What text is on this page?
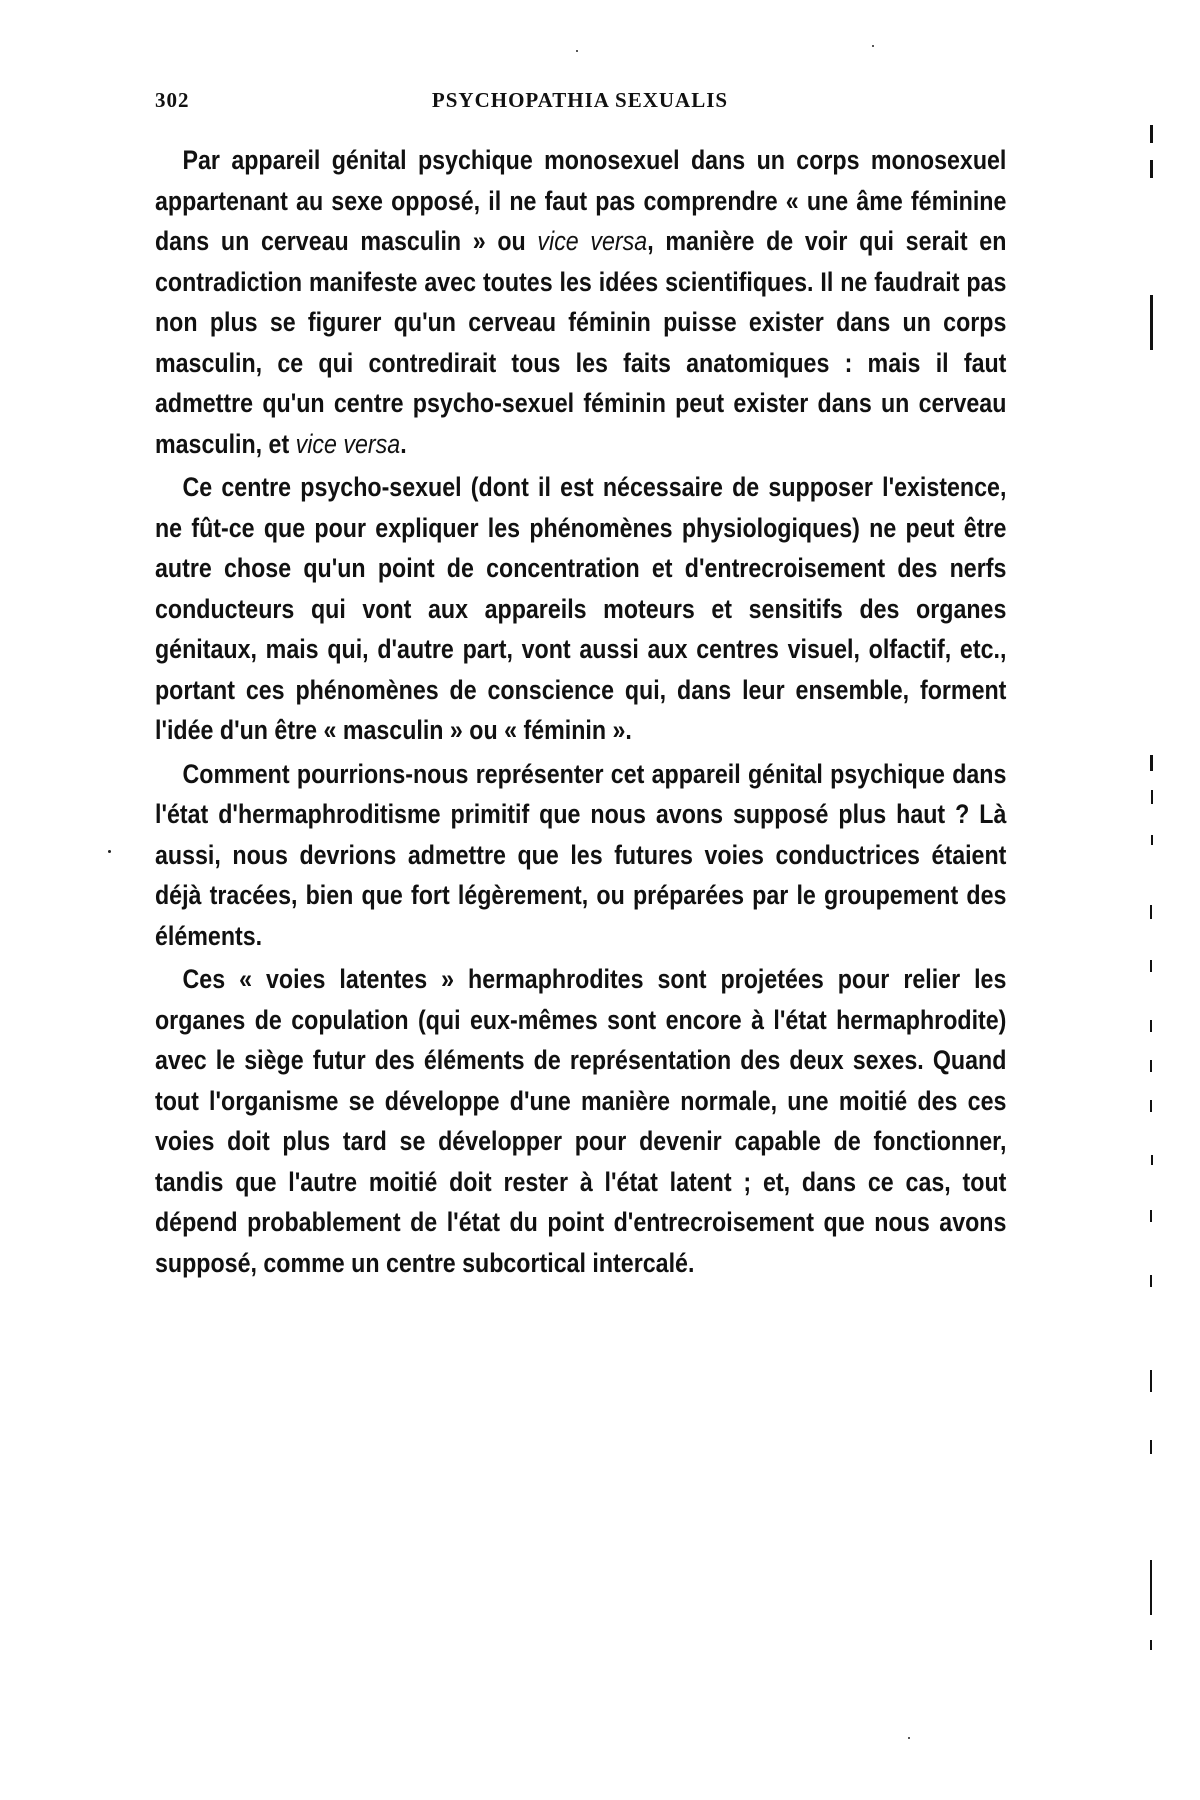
302	PSYCHOPATHIA SEXUALIS

Par appareil génital psychique monosexuel dans un corps monosexuel appartenant au sexe opposé, il ne faut pas comprendre « une âme féminine dans un cerveau masculin » ou vice versa, manière de voir qui serait en contradiction manifeste avec toutes les idées scientifiques. Il ne faudrait pas non plus se figurer qu'un cerveau féminin puisse exister dans un corps masculin, ce qui contredirait tous les faits anatomiques : mais il faut admettre qu'un centre psycho-sexuel féminin peut exister dans un cerveau masculin, et vice versa.

Ce centre psycho-sexuel (dont il est nécessaire de supposer l'existence, ne fût-ce que pour expliquer les phénomènes physiologiques) ne peut être autre chose qu'un point de concentration et d'entrecroisement des nerfs conducteurs qui vont aux appareils moteurs et sensitifs des organes génitaux, mais qui, d'autre part, vont aussi aux centres visuel, olfactif, etc., portant ces phénomènes de conscience qui, dans leur ensemble, forment l'idée d'un être « masculin » ou « féminin ».

Comment pourrions-nous représenter cet appareil génital psychique dans l'état d'hermaphroditisme primitif que nous avons supposé plus haut ? Là aussi, nous devrions admettre que les futures voies conductrices étaient déjà tracées, bien que fort légèrement, ou préparées par le groupement des éléments.

Ces « voies latentes » hermaphrodites sont projetées pour relier les organes de copulation (qui eux-mêmes sont encore à l'état hermaphrodite) avec le siège futur des éléments de représentation des deux sexes. Quand tout l'organisme se développe d'une manière normale, une moitié des ces voies doit plus tard se développer pour devenir capable de fonctionner, tandis que l'autre moitié doit rester à l'état latent ; et, dans ce cas, tout dépend probablement de l'état du point d'entrecroisement que nous avons supposé, comme un centre subcortical intercalé.
